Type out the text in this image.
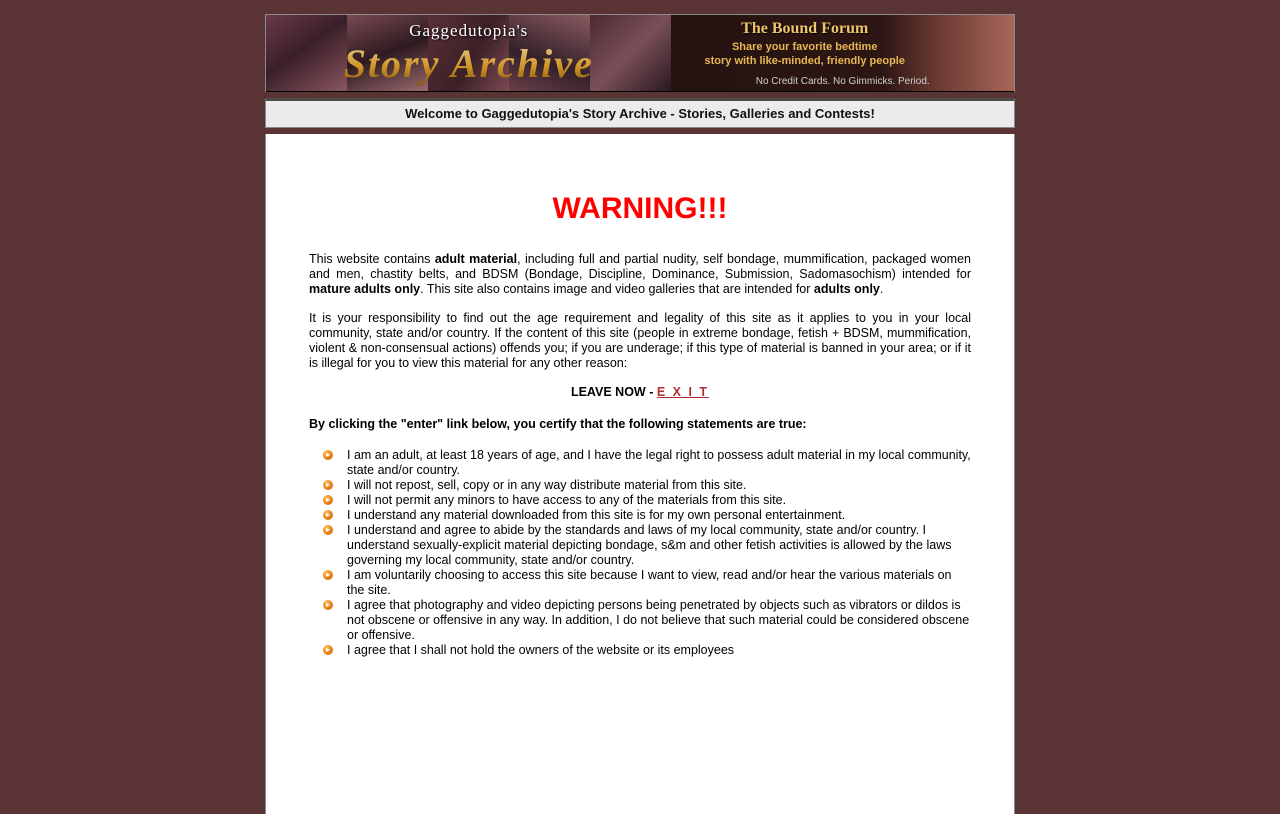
Gaggedutopia's	The Bound Forum
Share your favorite bedtime
story with like-minded, friendly people
No Credit Cards. No Gimmicks. Period.
Welcome to Gaggedutopia's Story Archive - Stories, Galleries and Contests!
WARNING!!!
This website contains adult material, including full and partial nudity, self bondage, mummification, packaged women and men, chastity belts, and BDSM (Bondage, Discipline, Dominance, Submission, Sadomasochism) intended for mature adults only. This site also contains image and video galleries that are intended for adults only.
It is your responsibility to find out the age requirement and legality of this site as it applies to you in your local community, state and/or country. If the content of this site (people in extreme bondage, fetish + BDSM, mummification, violent & non-consensual actions) offends you; if you are underage; if this type of material is banned in your area; or if it is illegal for you to view this material for any other reason:
LEAVE NOW - E X I T
By clicking the "enter" link below, you certify that the following statements are true:
I am an adult, at least 18 years of age, and I have the legal right to possess adult material in my local community, state and/or country.
I will not repost, sell, copy or in any way distribute material from this site.
I will not permit any minors to have access to any of the materials from this site.
I understand any material downloaded from this site is for my own personal entertainment.
I understand and agree to abide by the standards and laws of my local community, state and/or country. I understand sexually-explicit material depicting bondage, s&m and other fetish activities is allowed by the laws governing my local community, state and/or country.
I am voluntarily choosing to access this site because I want to view, read and/or hear the various materials on the site.
I agree that photography and video depicting persons being penetrated by objects such as vibrators or dildos is not obscene or offensive in any way. In addition, I do not believe that such material could be considered obscene or offensive.
I agree that I shall not hold the owners of the website or its employees
